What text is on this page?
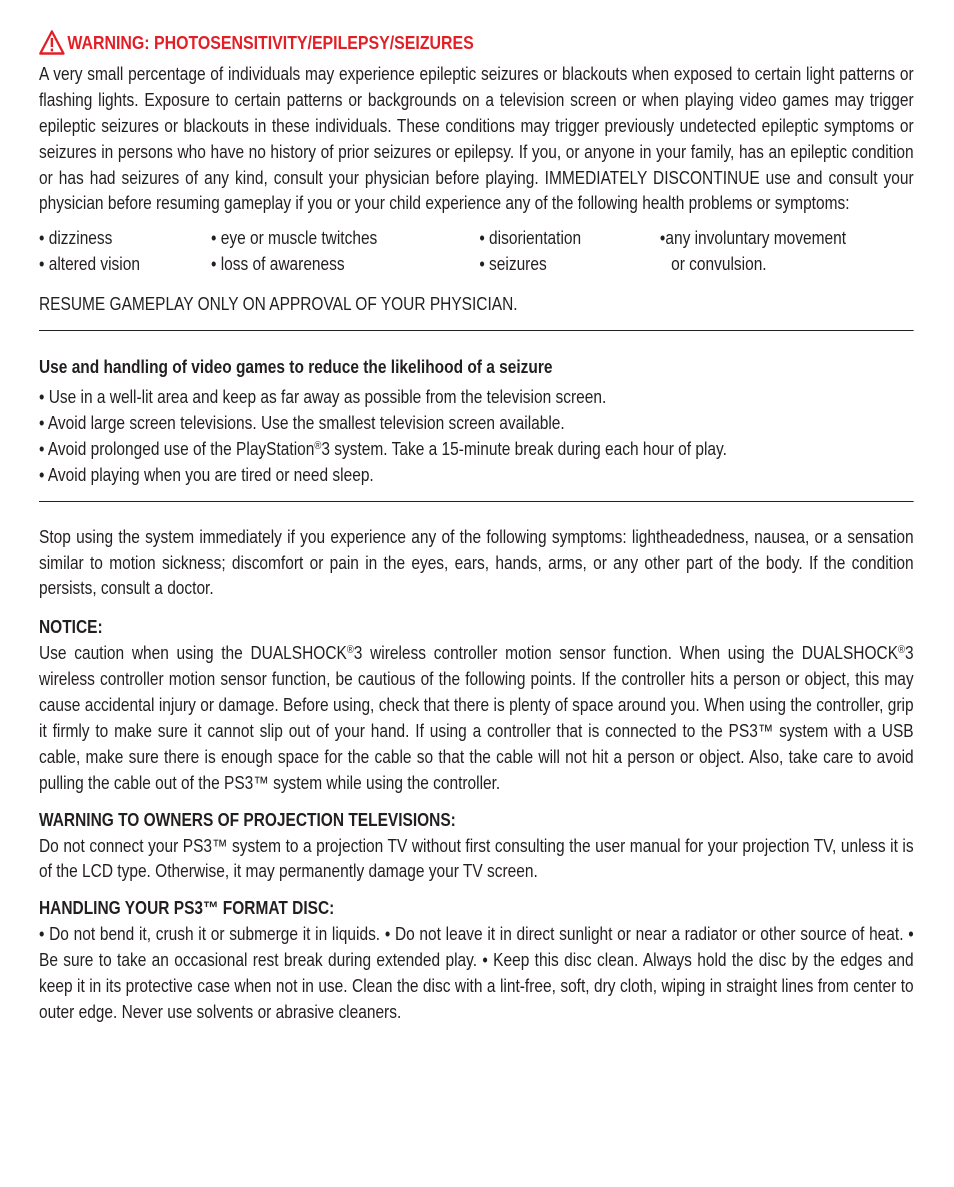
WARNING: PHOTOSENSITIVITY/EPILEPSY/SEIZURES

A very small percentage of individuals may experience epileptic seizures or blackouts when exposed to certain light patterns or flashing lights. Exposure to certain patterns or backgrounds on a television screen or when playing video games may trigger epileptic seizures or blackouts in these individuals. These conditions may trigger previously undetected epileptic symptoms or seizures in persons who have no history of prior seizures or epilepsy. If you, or anyone in your family, has an epileptic condition or has had seizures of any kind, consult your physician before playing. IMMEDIATELY DISCONTINUE use and consult your physician before resuming gameplay if you or your child experience any of the following health problems or symptoms:

• dizziness	• eye or muscle twitches	• disorientation	• any involuntary movement
• altered vision	• loss of awareness	• seizures	or convulsion.

RESUME GAMEPLAY ONLY ON APPROVAL OF YOUR PHYSICIAN.

Use and handling of video games to reduce the likelihood of a seizure

• Use in a well-lit area and keep as far away as possible from the television screen.
• Avoid large screen televisions. Use the smallest television screen available.
• Avoid prolonged use of the PlayStation®3 system. Take a 15-minute break during each hour of play.
• Avoid playing when you are tired or need sleep.

Stop using the system immediately if you experience any of the following symptoms: lightheadedness, nausea, or a sensation similar to motion sickness; discomfort or pain in the eyes, ears, hands, arms, or any other part of the body. If the condition persists, consult a doctor.

NOTICE:

Use caution when using the DUALSHOCK®3 wireless controller motion sensor function. When using the DUALSHOCK®3 wireless controller motion sensor function, be cautious of the following points. If the controller hits a person or object, this may cause accidental injury or damage. Before using, check that there is plenty of space around you. When using the controller, grip it firmly to make sure it cannot slip out of your hand. If using a controller that is connected to the PS3™ system with a USB cable, make sure there is enough space for the cable so that the cable will not hit a person or object. Also, take care to avoid pulling the cable out of the PS3™ system while using the controller.

WARNING TO OWNERS OF PROJECTION TELEVISIONS:

Do not connect your PS3™ system to a projection TV without first consulting the user manual for your projection TV, unless it is of the LCD type. Otherwise, it may permanently damage your TV screen.

HANDLING YOUR PS3™ FORMAT DISC:

• Do not bend it, crush it or submerge it in liquids. • Do not leave it in direct sunlight or near a radiator or other source of heat. • Be sure to take an occasional rest break during extended play. • Keep this disc clean. Always hold the disc by the edges and keep it in its protective case when not in use. Clean the disc with a lint-free, soft, dry cloth, wiping in straight lines from center to outer edge. Never use solvents or abrasive cleaners.
